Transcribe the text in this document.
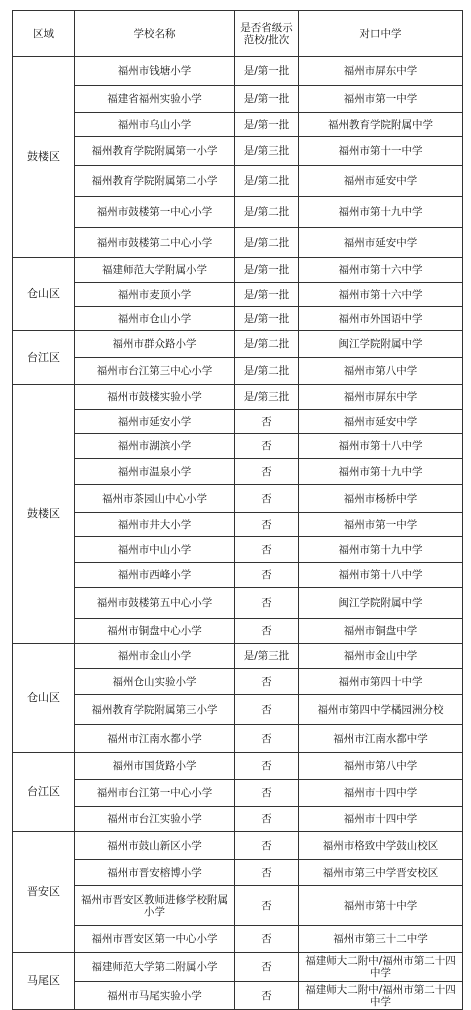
区域	学校名称	是否省级示范校/批次	对口中学
鼓楼区	福州市钱塘小学	是/第一批	福州市屏东中学
	福建省福州实验小学	是/第一批	福州市第一中学
	福州市乌山小学	是/第一批	福州教育学院附属中学
	福州教育学院附属第一小学	是/第三批	福州市第十一中学
	福州教育学院附属第二小学	是/第二批	福州市延安中学
	福州市鼓楼第一中心小学	是/第二批	福州市第十九中学
	福州市鼓楼第二中心小学	是/第二批	福州市延安中学
仓山区	福建师范大学附属小学	是/第一批	福州市第十六中学
	福州市麦顶小学	是/第一批	福州市第十六中学
	福州市仓山小学	是/第一批	福州市外国语中学
台江区	福州市群众路小学	是/第二批	闽江学院附属中学
	福州市台江第三中心小学	是/第二批	福州市第八中学
鼓楼区	福州市鼓楼实验小学	是/第三批	福州市屏东中学
	福州市延安小学	否	福州市延安中学
	福州市湖滨小学	否	福州市第十八中学
	福州市温泉小学	否	福州市第十九中学
	福州市茶园山中心小学	否	福州市杨桥中学
	福州市井大小学	否	福州市第一中学
	福州市中山小学	否	福州市第十九中学
	福州市西峰小学	否	福州市第十八中学
	福州市鼓楼第五中心小学	否	闽江学院附属中学
	福州市铜盘中心小学	否	福州市铜盘中学
仓山区	福州市金山小学	是/第三批	福州市金山中学
	福州仓山实验小学	否	福州市第四十中学
	福州教育学院附属第三小学	否	福州市第四中学橘园洲分校
	福州市江南水都小学	否	福州市江南水都中学
台江区	福州市国货路小学	否	福州市第八中学
	福州市台江第一中心小学	否	福州市十四中学
	福州市台江实验小学	否	福州市十四中学
晋安区	福州市鼓山新区小学	否	福州市格致中学鼓山校区
	福州市晋安榕博小学	否	福州市第三中学晋安校区
	福州市晋安区教师进修学校附属小学	否	福州市第十中学
	福州市晋安区第一中心小学	否	福州市第三十二中学
马尾区	福建师范大学第二附属小学	否	福建师大二附中/福州市第二十四中学
	福州市马尾实验小学	否	福建师大二附中/福州市第二十四中学
